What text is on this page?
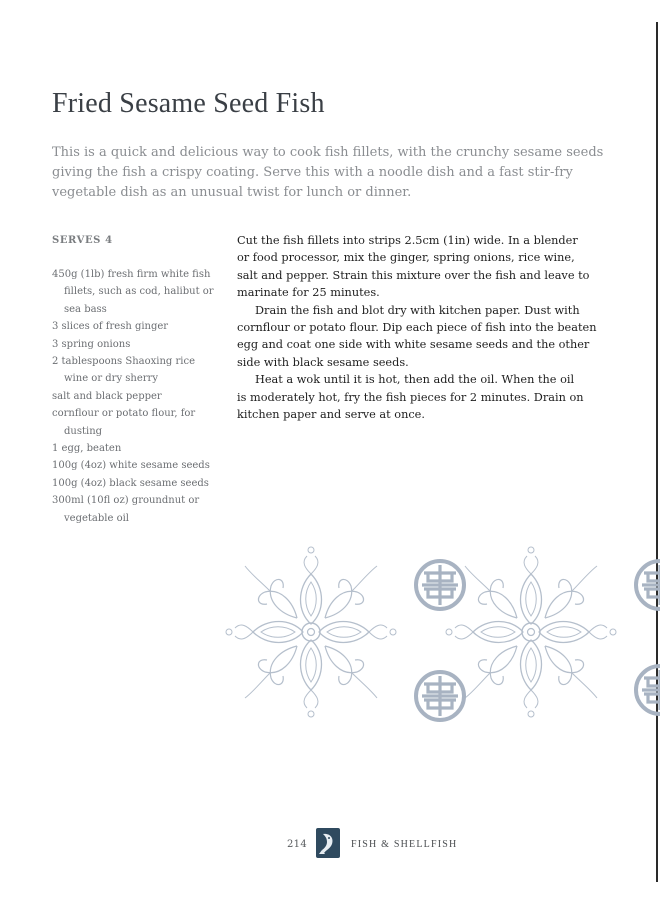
Fried Sesame Seed Fish

This is a quick and delicious way to cook fish fillets, with the crunchy sesame seeds
giving the fish a crispy coating. Serve this with a noodle dish and a fast stir-fry
vegetable dish as an unusual twist for lunch or dinner.

SERVES 4
450g (1lb) fresh firm white fish
fillets, such as cod, halibut or
sea bass
3 slices of fresh ginger
3 spring onions
2 tablespoons Shaoxing rice
wine or dry sherry
salt and black pepper
cornflour or potato flour, for
dusting
1 egg, beaten
100g (4oz) white sesame seeds
100g (4oz) black sesame seeds
300ml (10fl oz) groundnut or
vegetable oil
Cut the fish fillets into strips 2.5cm (1in) wide. In a blender
or food processor, mix the ginger, spring onions, rice wine,
salt and pepper. Strain this mixture over the fish and leave to
marinate for 25 minutes.
Drain the fish and blot dry with kitchen paper. Dust with
cornflour or potato flour. Dip each piece of fish into the beaten
egg and coat one side with white sesame seeds and the other
side with black sesame seeds.
Heat a wok until it is hot, then add the oil. When the oil
is moderately hot, fry the fish pieces for 2 minutes. Drain on
kitchen paper and serve at once.
214	FISH & SHELLFISH
